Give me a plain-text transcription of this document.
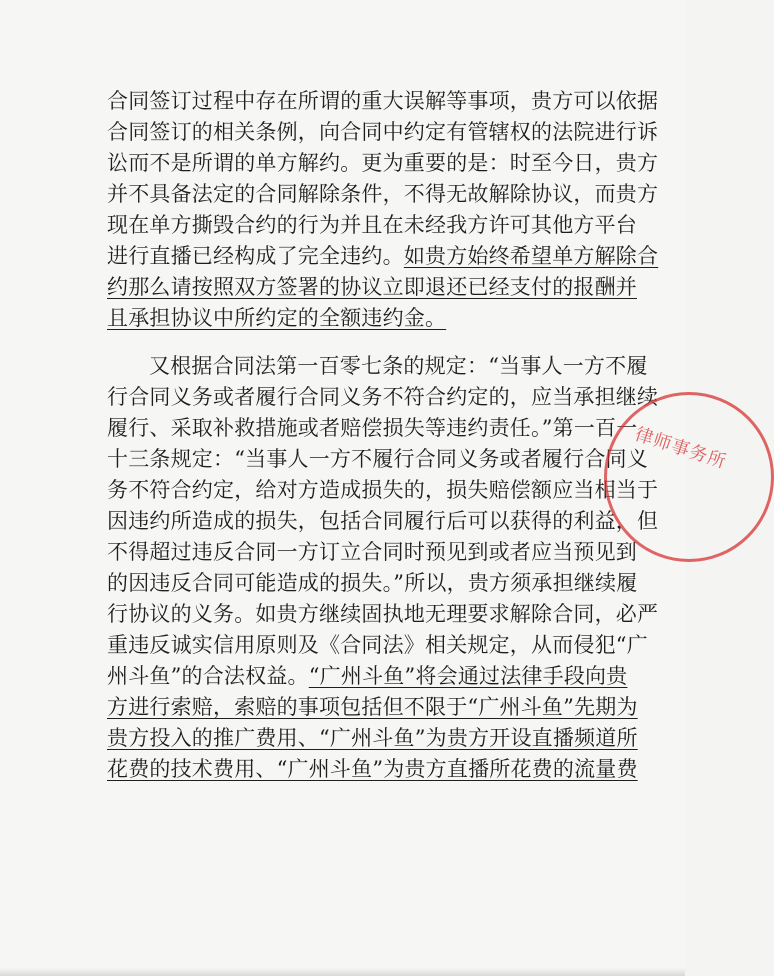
合同签订过程中存在所谓的重大误解等事项，贵方可以依据
合同签订的相关条例，向合同中约定有管辖权的法院进行诉
讼而不是所谓的单方解约。更为重要的是：时至今日，贵方
并不具备法定的合同解除条件，不得无故解除协议，而贵方
现在单方撕毁合约的行为并且在未经我方许可其他方平台
进行直播已经构成了完全违约。如贵方始终希望单方解除合
约那么请按照双方签署的协议立即退还已经支付的报酬并
且承担协议中所约定的全额违约金。
又根据合同法第一百零七条的规定：“当事人一方不履
行合同义务或者履行合同义务不符合约定的，应当承担继续
履行、采取补救措施或者赔偿损失等违约责任。”第一百一
十三条规定：“当事人一方不履行合同义务或者履行合同义
务不符合约定，给对方造成损失的，损失赔偿额应当相当于
因违约所造成的损失，包括合同履行后可以获得的利益，但
不得超过违反合同一方订立合同时预见到或者应当预见到
的因违反合同可能造成的损失。”所以，贵方须承担继续履
行协议的义务。如贵方继续固执地无理要求解除合同，必严
重违反诚实信用原则及《合同法》相关规定，从而侵犯“广
州斗鱼”的合法权益。“广州斗鱼”将会通过法律手段向贵
方进行索赔，索赔的事项包括但不限于“广州斗鱼”先期为
贵方投入的推广费用、“广州斗鱼”为贵方开设直播频道所
花费的技术费用、“广州斗鱼”为贵方直播所花费的流量费
律师事务所
